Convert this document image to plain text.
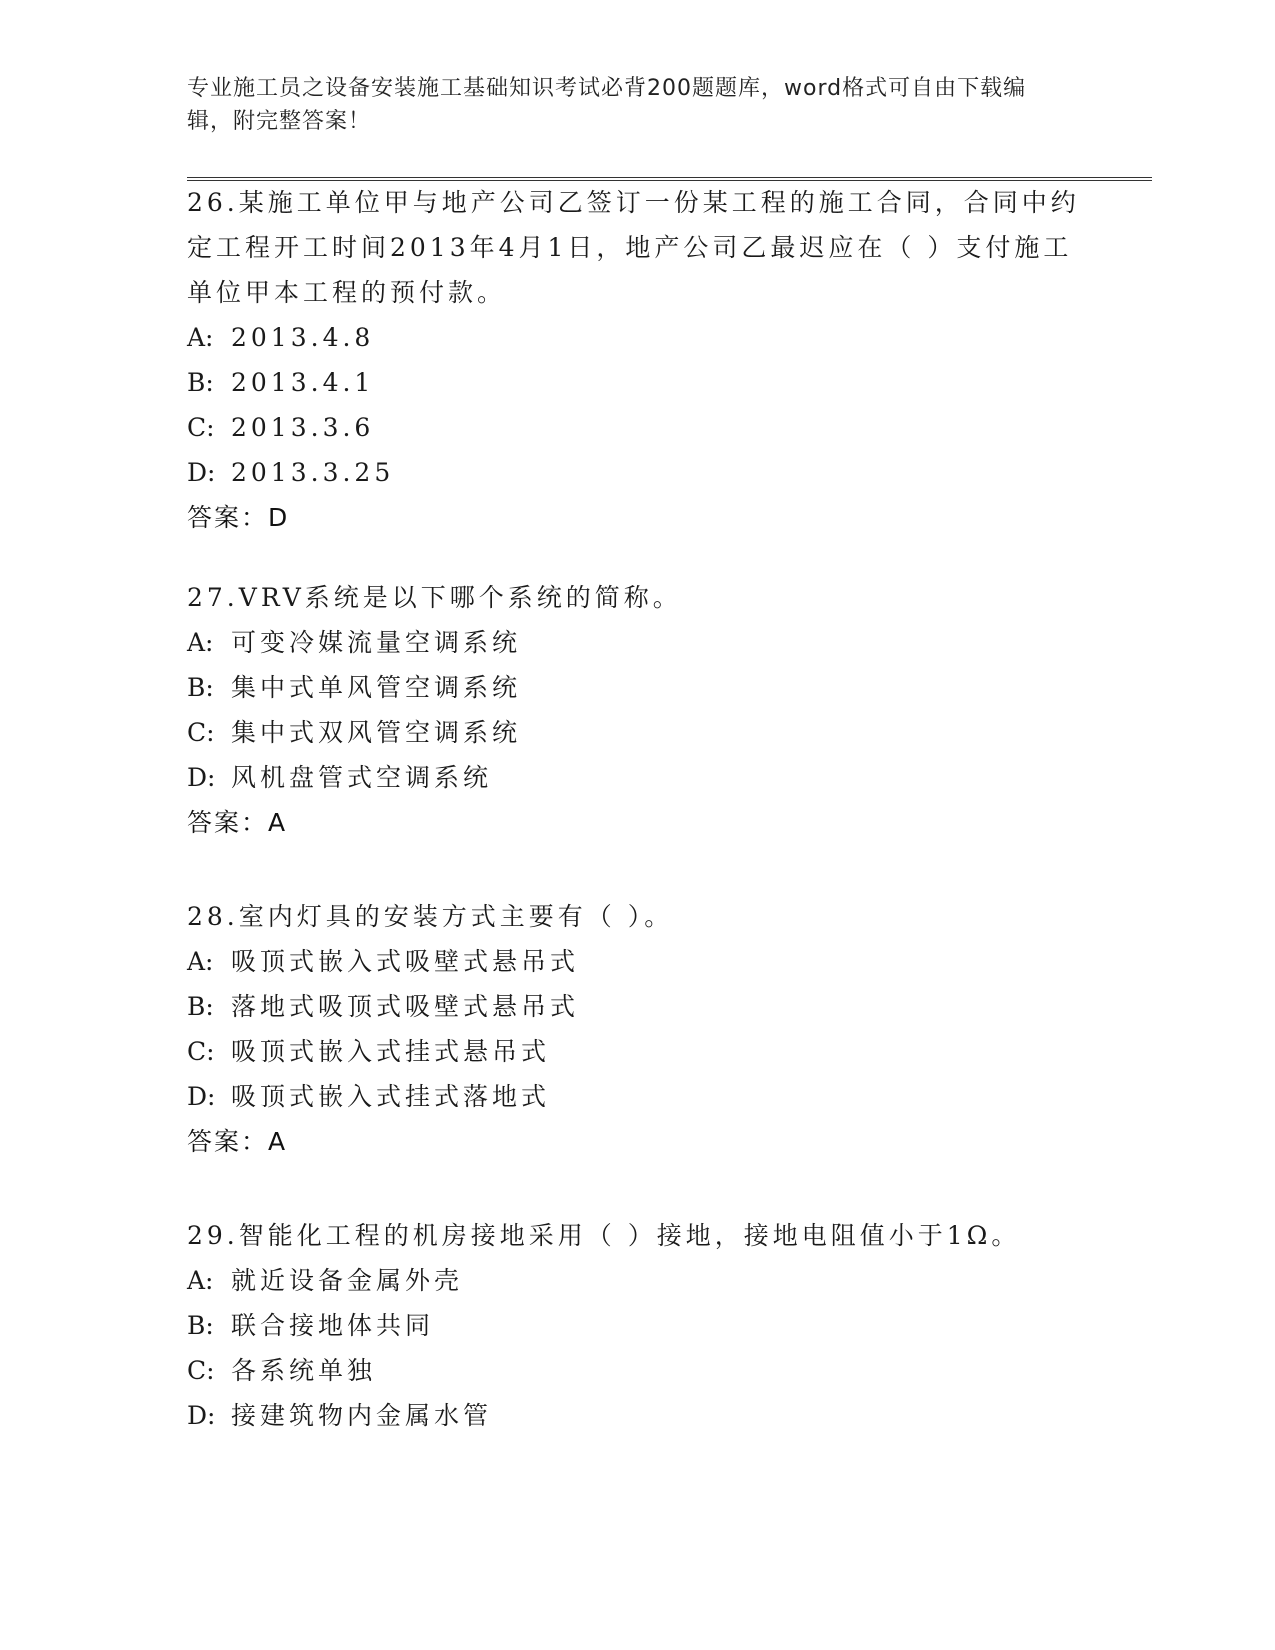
专业施工员之设备安装施工基础知识考试必背200题题库，word格式可自由下载编辑，附完整答案！

26.某施工单位甲与地产公司乙签订一份某工程的施工合同，合同中约定工程开工时间2013年4月1日，地产公司乙最迟应在（ ）支付施工单位甲本工程的预付款。

A: 2013.4.8

B: 2013.4.1

C: 2013.3.6

D: 2013.3.25

答案：D

27.VRV系统是以下哪个系统的简称。

A: 可变冷媒流量空调系统

B: 集中式单风管空调系统

C: 集中式双风管空调系统

D: 风机盘管式空调系统

答案：A

28.室内灯具的安装方式主要有（ ）。

A: 吸顶式嵌入式吸壁式悬吊式

B: 落地式吸顶式吸壁式悬吊式

C: 吸顶式嵌入式挂式悬吊式

D: 吸顶式嵌入式挂式落地式

答案：A

29.智能化工程的机房接地采用（ ）接地，接地电阻值小于1Ω。

A: 就近设备金属外壳

B: 联合接地体共同

C: 各系统单独

D: 接建筑物内金属水管
